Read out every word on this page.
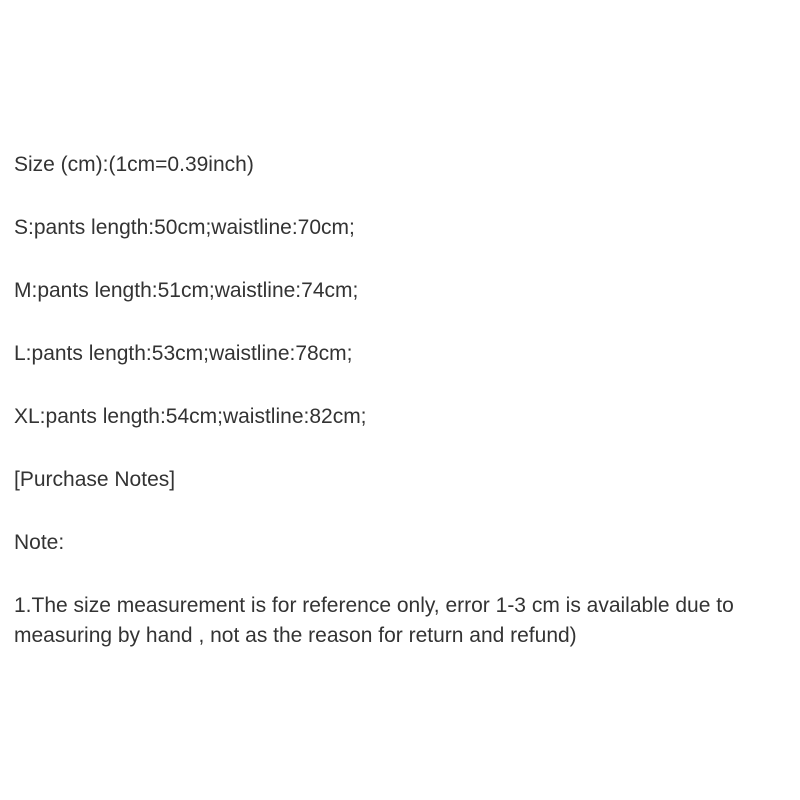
Size (cm):(1cm=0.39inch)

S:pants length:50cm;waistline:70cm;

M:pants length:51cm;waistline:74cm;

L:pants length:53cm;waistline:78cm;

XL:pants length:54cm;waistline:82cm;

[Purchase Notes]

Note:

1.The size measurement is for reference only, error 1-3 cm is available due to measuring by hand , not as the reason for return and refund)
